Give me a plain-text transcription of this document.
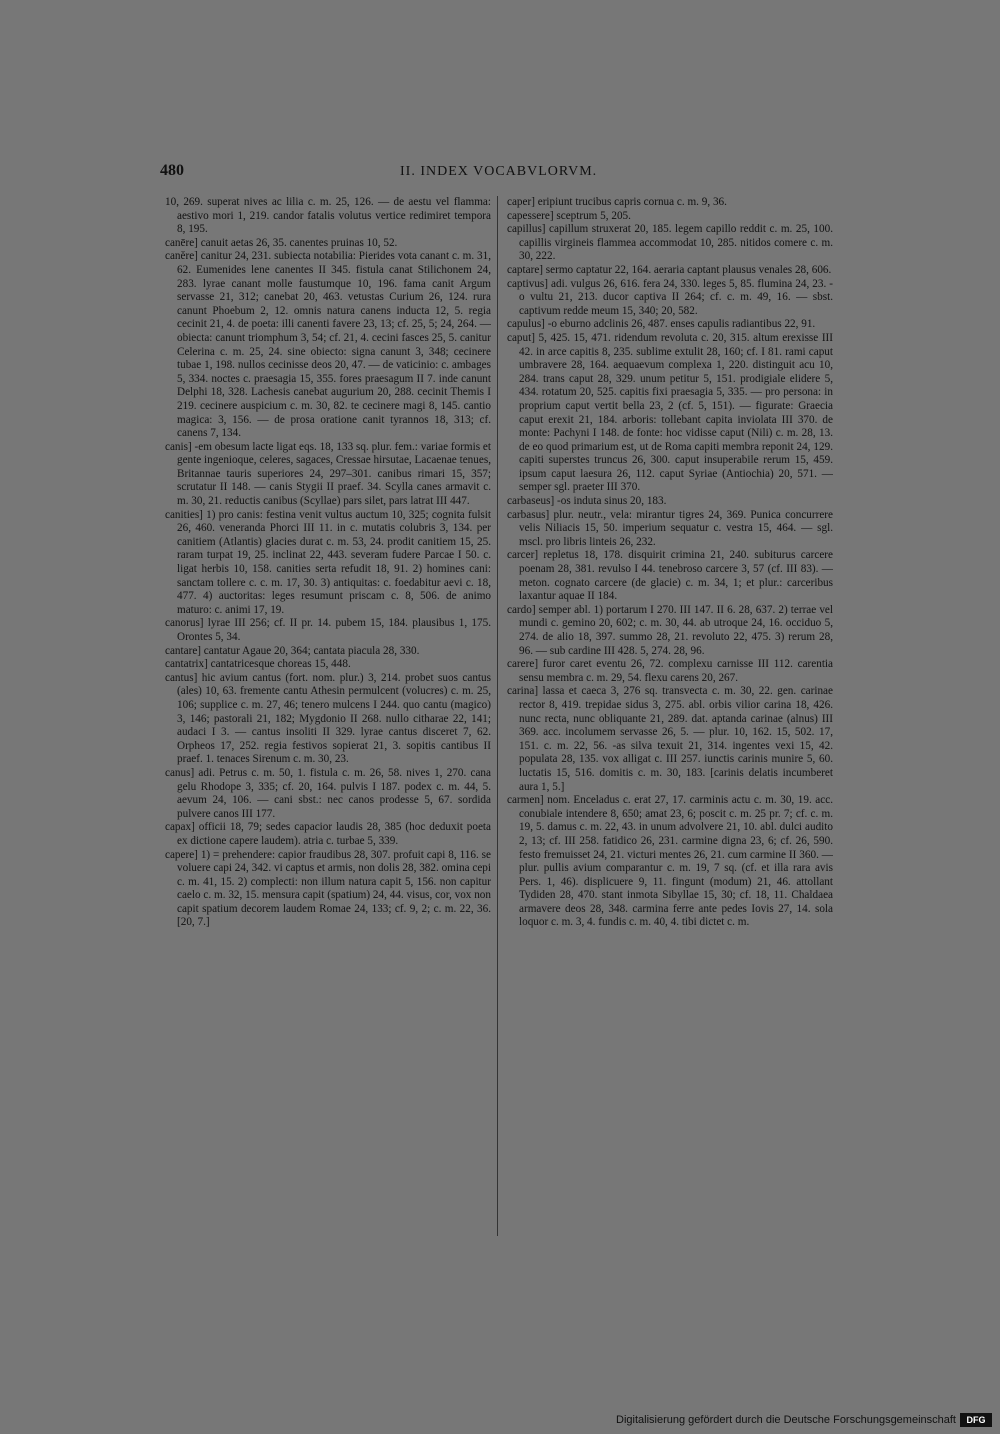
480	II. INDEX VOCABVLORVM.

10, 269. superat nives ac lilia c. m. 25, 126. — de aestu vel flamma: aestivo mori 1, 219. candor fatalis volutus vertice redimiret tempora 8, 195.

canēre] canuit aetas 26, 35. canentes pruinas 10, 52.

canĕre] canitur 24, 231. subiecta notabilia: Pierides vota canant c. m. 31, 62. Eumenides lene canentes II 345. fistula canat Stilichonem 24, 283. lyrae canant molle faustumque 10, 196. fama canit Argum servasse 21, 312; canebat 20, 463. vetustas Curium 26, 124. rura canunt Phoebum 2, 12. omnis natura canens inducta 12, 5. regia cecinit 21, 4. de poeta: illi canenti favere 23, 13; cf. 25, 5; 24, 264. — obiecta: canunt triomphum 3, 54; cf. 21, 4. cecini fasces 25, 5. canitur Celerina c. m. 25, 24. sine obiecto: signa canunt 3, 348; cecinere tubae 1, 198. nullos cecinisse deos 20, 47. — de vaticinio: c. ambages 5, 334. noctes c. praesagia 15, 355. fores praesagum II 7. inde canunt Delphi 18, 328. Lachesis canebat augurium 20, 288. cecinit Themis I 219. cecinere auspicium c. m. 30, 82. te cecinere magi 8, 145. cantio magica: 3, 156. — de prosa oratione canit tyrannos 18, 313; cf. canens 7, 134.

canis] -em obesum lacte ligat eqs. 18, 133 sq. plur. fem.: variae formis et gente ingenioque, celeres, sagaces, Cressae hirsutae, Lacaenae tenues, Britannae tauris superiores 24, 297–301. canibus rimari 15, 357; scrutatur II 148. — canis Stygii II praef. 34. Scylla canes armavit c. m. 30, 21. reductis canibus (Scyllae) pars silet, pars latrat III 447.

canities] 1) pro canis: festina venit vultus auctum 10, 325; cognita fulsit 26, 460. veneranda Phorci III 11. in c. mutatis colubris 3, 134. per canitiem (Atlantis) glacies durat c. m. 53, 24. prodit canitiem 15, 25. raram turpat 19, 25. inclinat 22, 443. severam fudere Parcae I 50. c. ligat herbis 10, 158. canities serta refudit 18, 91. 2) homines cani: sanctam tollere c. c. m. 17, 30. 3) antiquitas: c. foedabitur aevi c. 18, 477. 4) auctoritas: leges resumunt priscam c. 8, 506. de animo maturo: c. animi 17, 19.

canorus] lyrae III 256; cf. II pr. 14. pubem 15, 184. plausibus 1, 175. Orontes 5, 34.

cantare] cantatur Agaue 20, 364; cantata piacula 28, 330.

cantatrix] cantatricesque choreas 15, 448.

cantus] hic avium cantus (fort. nom. plur.) 3, 214. probet suos cantus (ales) 10, 63. fremente cantu Athesin permulcent (volucres) c. m. 25, 106; supplice c. m. 27, 46; tenero mulcens I 244. quo cantu (magico) 3, 146; pastorali 21, 182; Mygdonio II 268. nullo citharae 22, 141; audaci I 3. — cantus insoliti II 329. lyrae cantus disceret 7, 62. Orpheos 17, 252. regia festivos sopierat 21, 3. sopitis cantibus II praef. 1. tenaces Sirenum c. m. 30, 23.

canus] adi. Petrus c. m. 50, 1. fistula c. m. 26, 58. nives 1, 270. cana gelu Rhodope 3, 335; cf. 20, 164. pulvis I 187. podex c. m. 44, 5. aevum 24, 106. — cani sbst.: nec canos prodesse 5, 67. sordida pulvere canos III 177.

capax] officii 18, 79; sedes capacior laudis 28, 385 (hoc deduxit poeta ex dictione capere laudem). atria c. turbae 5, 339.

capere] 1) = prehendere: capior fraudibus 28, 307. profuit capi 8, 116. se voluere capi 24, 342. vi captus et armis, non dolis 28, 382. omina cepi c. m. 41, 15. 2) complecti: non illum natura capit 5, 156. non capitur caelo c. m. 32, 15. mensura capit (spatium) 24, 44. visus, cor, vox non capit spatium decorem laudem Romae 24, 133; cf. 9, 2; c. m. 22, 36. [20, 7.]

caper] eripiunt trucibus capris cornua c. m. 9, 36.

capessere] sceptrum 5, 205.

capillus] capillum struxerat 20, 185. legem capillo reddit c. m. 25, 100. capillis virgineis flammea accommodat 10, 285. nitidos comere c. m. 30, 222.

captare] sermo captatur 22, 164. aeraria captant plausus venales 28, 606.

captivus] adi. vulgus 26, 616. fera 24, 330. leges 5, 85. flumina 24, 23. -o vultu 21, 213. ducor captiva II 264; cf. c. m. 49, 16. — sbst. captivum redde meum 15, 340; 20, 582.

capulus] -o eburno adclinis 26, 487. enses capulis radiantibus 22, 91.

caput] 5, 425. 15, 471. ridendum revoluta c. 20, 315. altum erexisse III 42. in arce capitis 8, 235. sublime extulit 28, 160; cf. I 81. rami caput umbravere 28, 164. aequaevum complexa 1, 220. distinguit acu 10, 284. trans caput 28, 329. unum petitur 5, 151. prodigiale elidere 5, 434. rotatum 20, 525. capitis fixi praesagia 5, 335. — pro persona: in proprium caput vertit bella 23, 2 (cf. 5, 151). — figurate: Graecia caput erexit 21, 184. arboris: tollebant capita inviolata III 370. de monte: Pachyni I 148. de fonte: hoc vidisse caput (Nili) c. m. 28, 13. de eo quod primarium est, ut de Roma capiti membra reponit 24, 129. capiti superstes truncus 26, 300. caput insuperabile rerum 15, 459. ipsum caput laesura 26, 112. caput Syriae (Antiochia) 20, 571. — semper sgl. praeter III 370.

carbaseus] -os induta sinus 20, 183.

carbasus] plur. neutr., vela: mirantur tigres 24, 369. Punica concurrere velis Niliacis 15, 50. imperium sequatur c. vestra 15, 464. — sgl. mscl. pro libris linteis 26, 232.

carcer] repletus 18, 178. disquirit crimina 21, 240. subiturus carcere poenam 28, 381. revulso I 44. tenebroso carcere 3, 57 (cf. III 83). — meton. cognato carcere (de glacie) c. m. 34, 1; et plur.: carceribus laxantur aquae II 184.

cardo] semper abl. 1) portarum I 270. III 147. II 6. 28, 637. 2) terrae vel mundi c. gemino 20, 602; c. m. 30, 44. ab utroque 24, 16. occiduo 5, 274. de alio 18, 397. summo 28, 21. revoluto 22, 475. 3) rerum 28, 96. — sub cardine III 428. 5, 274. 28, 96.

carere] furor caret eventu 26, 72. complexu carnisse III 112. carentia sensu membra c. m. 29, 54. flexu carens 20, 267.

carina] lassa et caeca 3, 276 sq. transvecta c. m. 30, 22. gen. carinae rector 8, 419. trepidae sidus 3, 275. abl. orbis vilior carina 18, 426. nunc recta, nunc obliquante 21, 289. dat. aptanda carinae (alnus) III 369. acc. incolumem servasse 26, 5. — plur. 10, 162. 15, 502. 17, 151. c. m. 22, 56. -as silva texuit 21, 314. ingentes vexi 15, 42. populata 28, 135. vox alligat c. III 257. iunctis carinis munire 5, 60. luctatis 15, 516. domitis c. m. 30, 183. [carinis delatis incumberet aura 1, 5.]

carmen] nom. Enceladus c. erat 27, 17. carminis actu c. m. 30, 19. acc. conubiale intendere 8, 650; amat 23, 6; poscit c. m. 25 pr. 7; cf. c. m. 19, 5. damus c. m. 22, 43. in unum advolvere 21, 10. abl. dulci audito 2, 13; cf. III 258. fatidico 26, 231. carmine digna 23, 6; cf. 26, 590. festo fremuisset 24, 21. victuri mentes 26, 21. cum carmine II 360. — plur. pullis avium comparantur c. m. 19, 7 sq. (cf. et illa rara avis Pers. 1, 46). displicuere 9, 11. fingunt (modum) 21, 46. attollant Tydiden 28, 470. stant inmota Sibyllae 15, 30; cf. 18, 11. Chaldaea armavere deos 28, 348. carmina ferre ante pedes Iovis 27, 14. sola loquor c. m. 3, 4. fundis c. m. 40, 4. tibi dictet c. m.

Digitalisierung gefördert durch die Deutsche Forschungsgemeinschaft	DFG
